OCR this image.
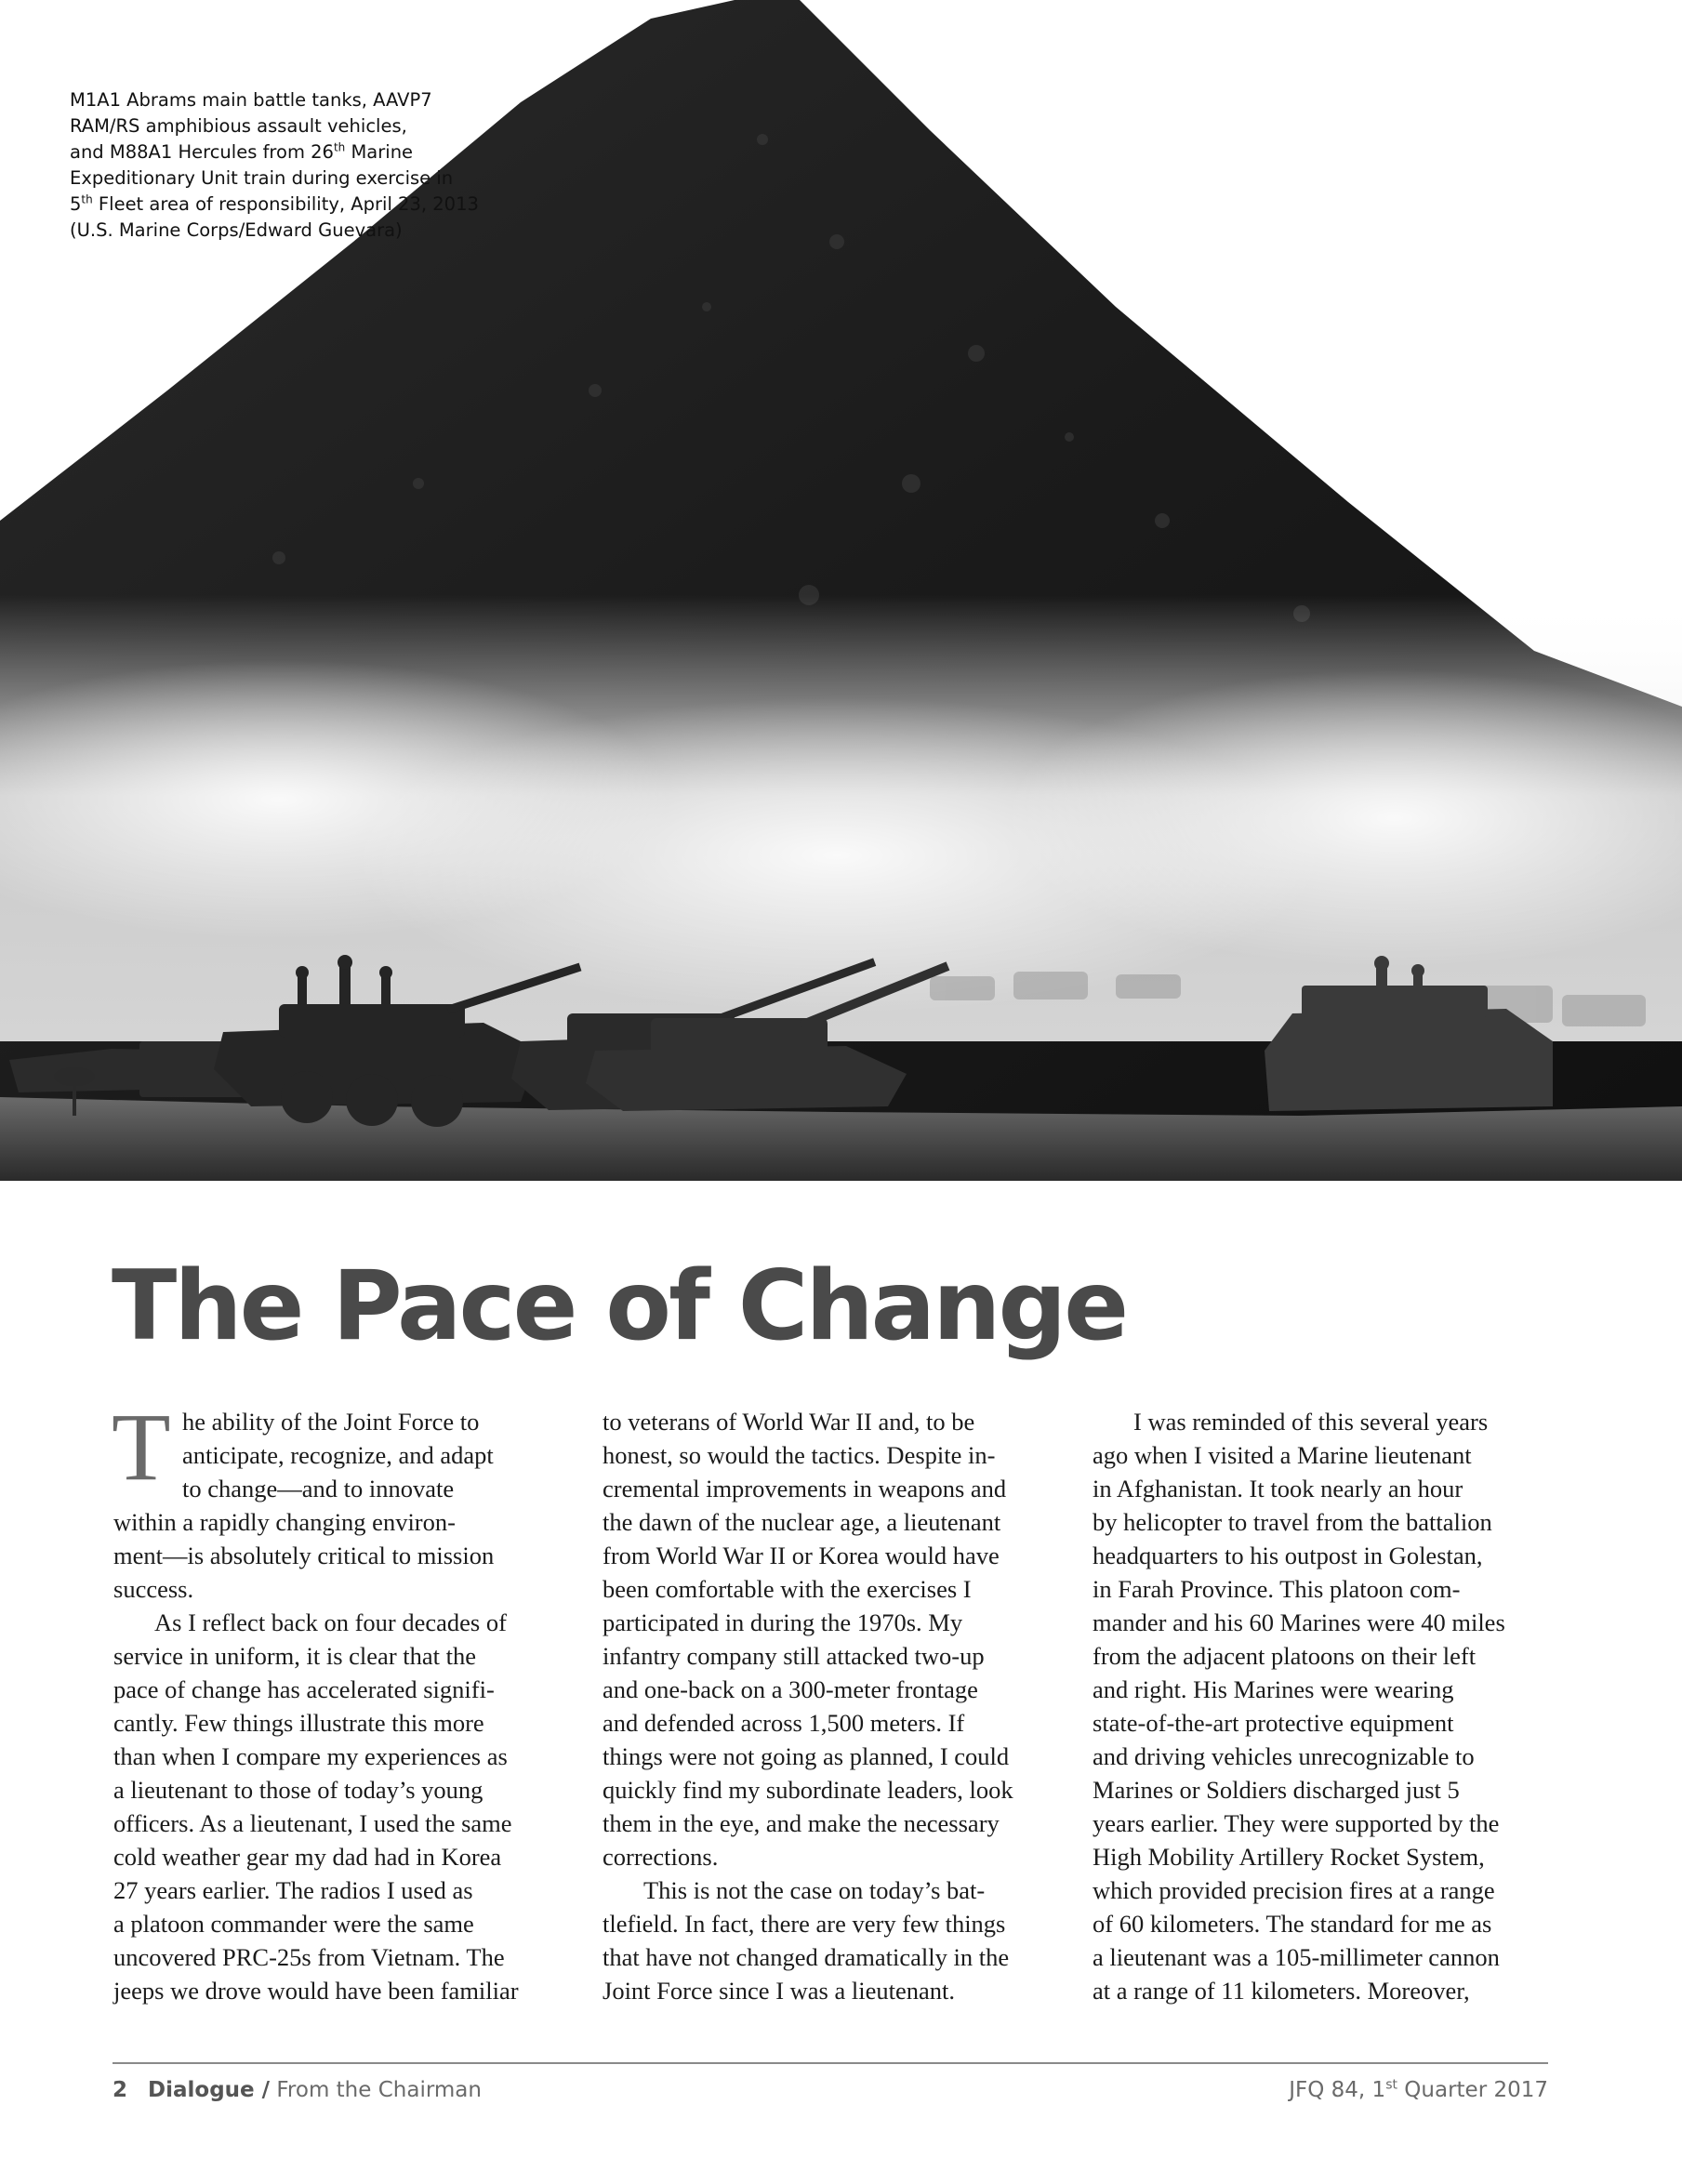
M1A1 Abrams main battle tanks, AAVP7

RAM/RS amphibious assault vehicles,

and M88A1 Hercules from 26th Marine

Expeditionary Unit train during exercise in

5th Fleet area of responsibility, April 23, 2013

(U.S. Marine Corps/Edward Guevara)

The Pace of Change
T he ability of the Joint Force to
anticipate, recognize, and adapt
to change—and to innovate
within a rapidly changing environ-
ment—is absolutely critical to mission
success.
As I reflect back on four decades of
service in uniform, it is clear that the
pace of change has accelerated signifi-
cantly. Few things illustrate this more
than when I compare my experiences as
a lieutenant to those of today’s young
officers. As a lieutenant, I used the same
cold weather gear my dad had in Korea
27 years earlier. The radios I used as
a platoon commander were the same
uncovered PRC-25s from Vietnam. The
jeeps we drove would have been familiar
to veterans of World War II and, to be
honest, so would the tactics. Despite in-
cremental improvements in weapons and
the dawn of the nuclear age, a lieutenant
from World War II or Korea would have
been comfortable with the exercises I
participated in during the 1970s. My
infantry company still attacked two-up
and one-back on a 300-meter frontage
and defended across 1,500 meters. If
things were not going as planned, I could
quickly find my subordinate leaders, look
them in the eye, and make the necessary
corrections.
This is not the case on today’s bat-
tlefield. In fact, there are very few things
that have not changed dramatically in the
Joint Force since I was a lieutenant.
I was reminded of this several years
ago when I visited a Marine lieutenant
in Afghanistan. It took nearly an hour
by helicopter to travel from the battalion
headquarters to his outpost in Golestan,
in Farah Province. This platoon com-
mander and his 60 Marines were 40 miles
from the adjacent platoons on their left
and right. His Marines were wearing
state-of-the-art protective equipment
and driving vehicles unrecognizable to
Marines or Soldiers discharged just 5
years earlier. They were supported by the
High Mobility Artillery Rocket System,
which provided precision fires at a range
of 60 kilometers. The standard for me as
a lieutenant was a 105-millimeter cannon
at a range of 11 kilometers. Moreover,
2 Dialogue / From the Chairman	JFQ 84, 1st Quarter 2017
